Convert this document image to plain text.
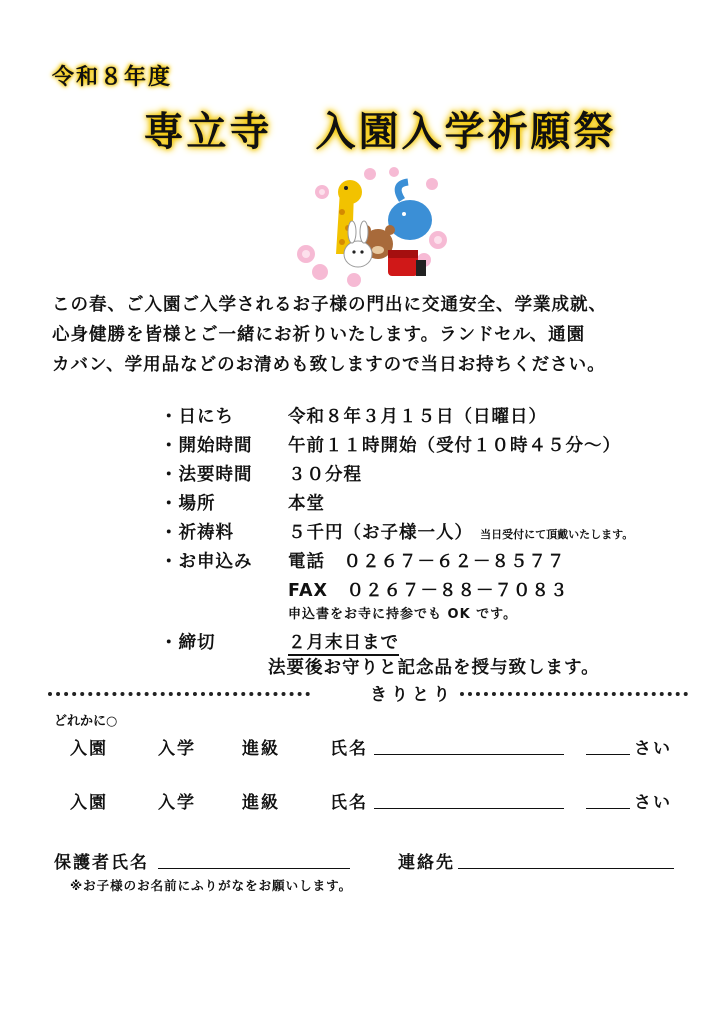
令和８年度
専立寺　入園入学祈願祭
この春、ご入園ご入学されるお子様の門出に交通安全、学業成就、
心身健勝を皆様とご一緒にお祈りいたします。ランドセル、通園
カバン、学用品などのお清めも致しますので当日お持ちください。
・日にち	令和８年３月１５日（日曜日）
・開始時間 午前１１時開始（受付１０時４５分～）
・法要時間 ３０分程
・場所	本堂
・祈祷料	５千円（お子様一人） 当日受付にて頂戴いたします。
・お申込み 電話　０２６７－６２－８５７７
FAX　０２６７－８８－７０８３
申込書をお寺に持参でも OK です。
・締切	２月末日まで
法要後お守りと記念品を授与致します。
きりとり
どれかに○
入園	入学	進級	氏名	さい
入園	入学	進級	氏名	さい
保護者氏名	連絡先
※お子様のお名前にふりがなをお願いします。
